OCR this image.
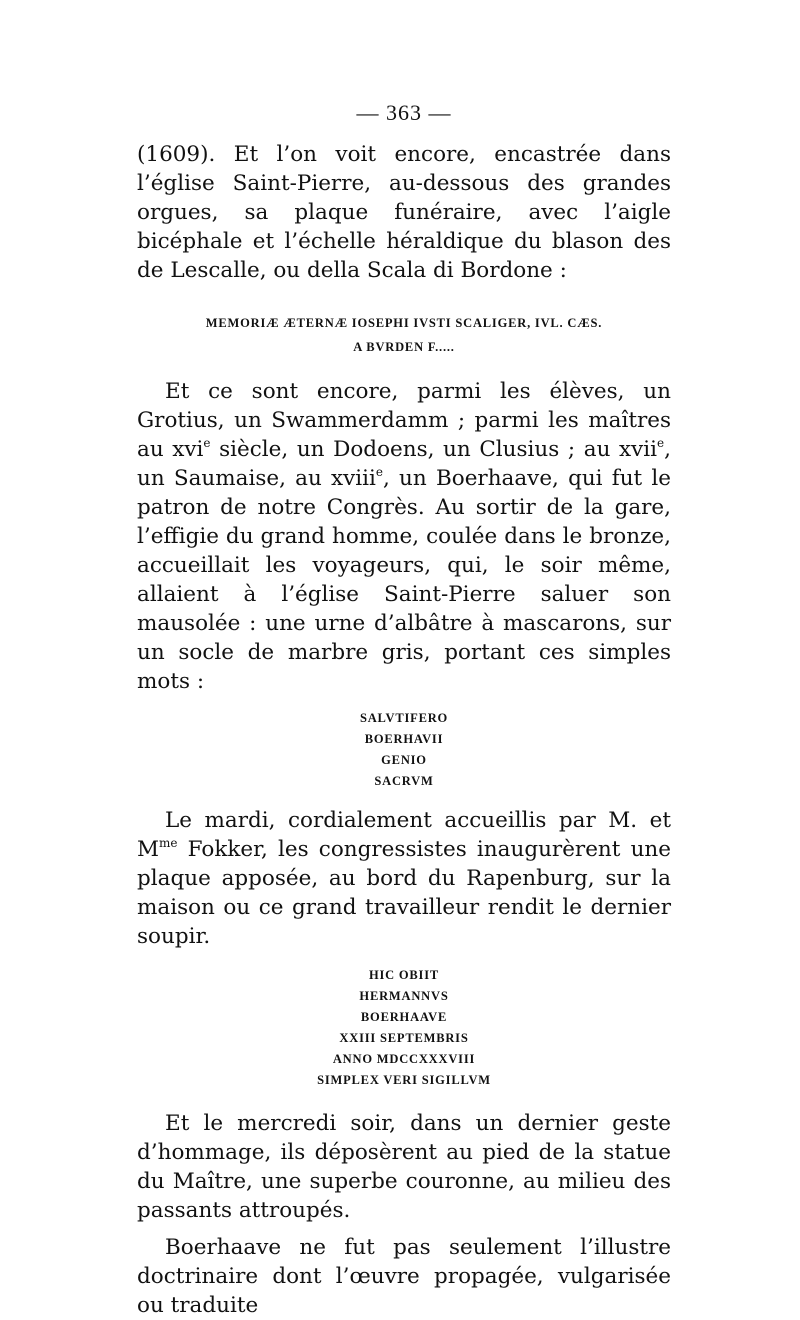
— 363 —

(1609). Et l’on voit encore, encastrée dans l’église Saint-Pierre, au-dessous des grandes orgues, sa plaque funéraire, avec l’aigle bicéphale et l’échelle héraldique du blason des de Lescalle, ou della Scala di Bordone :

MEMORIÆ ÆTERNÆ IOSEPHI IVSTI SCALIGER, IVL. CÆS.
A BVRDEN F.....

Et ce sont encore, parmi les élèves, un Grotius, un Swammerdamm ; parmi les maîtres au xvi$^e$ siècle, un Dodoens, un Clusius ; au xvii$^e$, un Saumaise, au xviii$^e$, un Boerhaave, qui fut le patron de notre Congrès. Au sortir de la gare, l’effigie du grand homme, coulée dans le bronze, accueillait les voyageurs, qui, le soir même, allaient à l’église Saint-Pierre saluer son mausolée : une urne d’albâtre à mascarons, sur un socle de marbre gris, portant ces simples mots :

SALVTIFERO
BOERHAVII
GENIO
SACRVM

Le mardi, cordialement accueillis par M. et $M^{me}$ Fokker, les congressistes inaugurèrent une plaque apposée, au bord du Rapenburg, sur la maison ou ce grand travailleur rendit le dernier soupir.

HIC OBIIT
HERMANNVS
BOERHAAVE
XXIII SEPTEMBRIS
ANNO MDCCXXXVIII
SIMPLEX VERI SIGILLVM

Et le mercredi soir, dans un dernier geste d’hommage, ils déposèrent au pied de la statue du Maître, une superbe couronne, au milieu des passants attroupés.

Boerhaave ne fut pas seulement l’illustre doctrinaire dont l’œuvre propagée, vulgarisée ou traduite
